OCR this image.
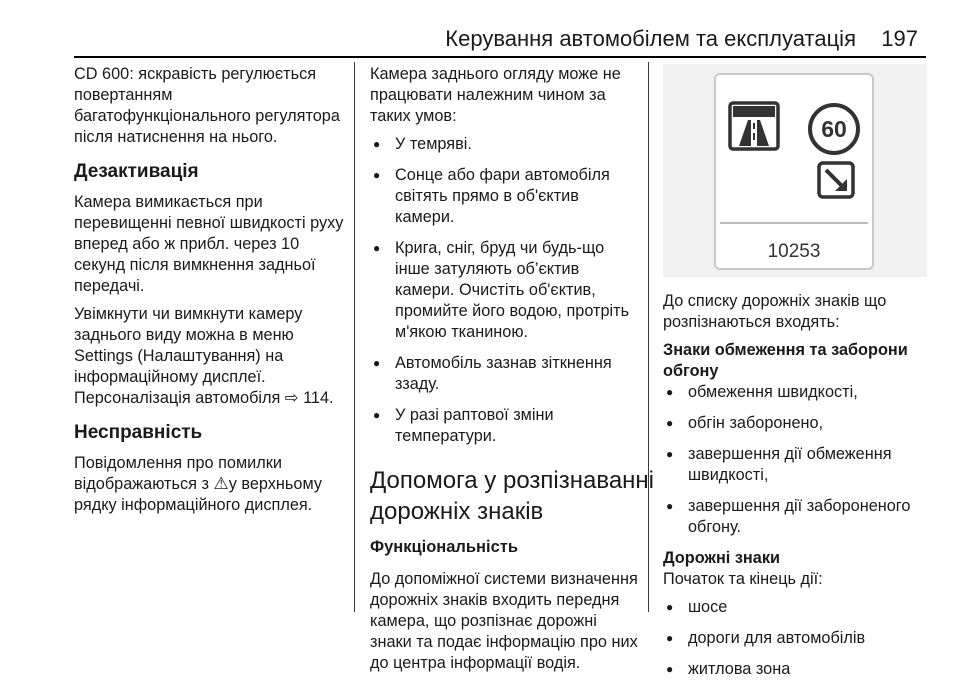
Керування автомобілем та експлуатація 197

CD 600: яскравість регулюється повертанням багатофункціонального регулятора після натиснення на нього.

Дезактивація

Камера вимикається при перевищенні певної швидкості руху вперед або ж прибл. через 10 секунд після вимкнення задньої передачі.

Увімкнути чи вимкнути камеру заднього виду можна в меню Settings (Налаштування) на інформаційному дисплеї. Персоналізація автомобіля ⇨ 114.

Несправність

Повідомлення про помилки відображаються з ⚠у верхньому рядку інформаційного дисплея.

Камера заднього огляду може не працювати належним чином за таких умов:

● У темряві.
● Сонце або фари автомобіля світять прямо в об'єктив камери.
● Крига, сніг, бруд чи будь-що інше затуляють об’єктив камери. Очистіть об'єктив, промийте його водою, протріть м'якою тканиною.
● Автомобіль зазнав зіткнення ззаду.
● У разі раптової зміни температури.
Допомога у розпізнаванні
дорожніх знаків
Функціональність

До допоміжної системи визначення дорожніх знаків входить передня камера, що розпізнає дорожні знаки та подає інформацію про них до центра інформації водія.

60
10253

До списку дорожніх знаків що розпізнаються входять:

Знаки обмеження та заборони обгону

● обмеження швидкості,
● обгін заборонено,
● завершення дії обмеження швидкості,
● завершення дії забороненого обгону.

Дорожні знаки

Початок та кінець дії:

● шосе
● дороги для автомобілів
● житлова зона
